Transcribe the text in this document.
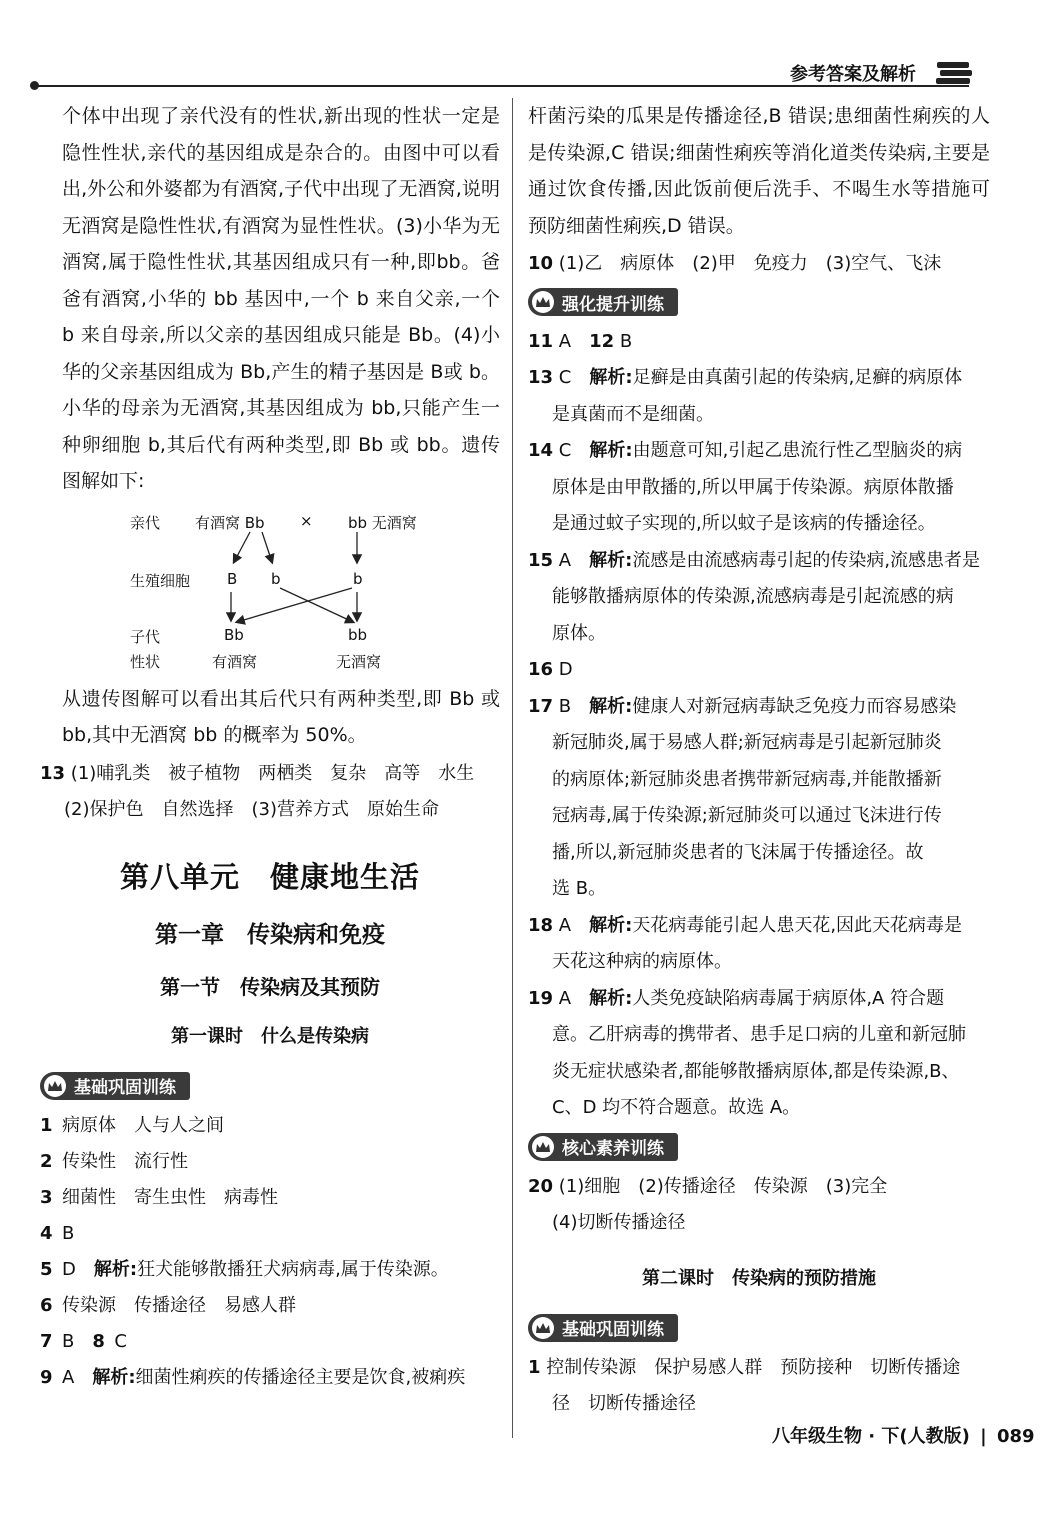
参考答案及解析

个体中出现了亲代没有的性状,新出现的性状一定是隐性性状,亲代的基因组成是杂合的。由图中可以看出,外公和外婆都为有酒窝,子代中出现了无酒窝,说明无酒窝是隐性性状,有酒窝为显性性状。(3)小华为无酒窝,属于隐性性状,其基因组成只有一种,即bb。爸爸有酒窝,小华的 bb 基因中,一个 b 来自父亲,一个 b 来自母亲,所以父亲的基因组成只能是 Bb。(4)小华的父亲基因组成为 Bb,产生的精子基因是 B或 b。小华的母亲为无酒窝,其基因组成为 bb,只能产生一种卵细胞 b,其后代有两种类型,即 Bb 或 bb。遗传图解如下:

亲代 有酒窝 Bb × bb 无酒窝
生殖细胞 B b	b
子代	Bb	bb
性状	有酒窝	无酒窝

从遗传图解可以看出其后代只有两种类型,即 Bb 或bb,其中无酒窝 bb 的概率为 50%。

13 (1)哺乳类　被子植物　两栖类　复杂　高等　水生
(2)保护色　自然选择　(3)营养方式　原始生命
第八单元　健康地生活
第一章　传染病和免疫
第一节　传染病及其预防
第一课时　什么是传染病
基础巩固训练
1 病原体　人与人之间
2 传染性　流行性
3 细菌性　寄生虫性　病毒性
4 B
5 D 解析:狂犬能够散播狂犬病病毒,属于传染源。
6 传染源　传播途径　易感人群
7 B 8 C
9 A 解析:细菌性痢疾的传播途径主要是饮食,被痢疾

杆菌污染的瓜果是传播途径,B 错误;患细菌性痢疾的人是传染源,C 错误;细菌性痢疾等消化道类传染病,主要是通过饮食传播,因此饭前便后洗手、不喝生水等措施可预防细菌性痢疾,D 错误。

10 (1)乙　病原体　(2)甲　免疫力　(3)空气、飞沫
强化提升训练
11 A 12 B
13 C 解析:足癣是由真菌引起的传染病,足癣的病原体
是真菌而不是细菌。
14 C 解析:由题意可知,引起乙患流行性乙型脑炎的病
原体是由甲散播的,所以甲属于传染源。病原体散播
是通过蚊子实现的,所以蚊子是该病的传播途径。
15 A 解析:流感是由流感病毒引起的传染病,流感患者是
能够散播病原体的传染源,流感病毒是引起流感的病
原体。
16 D
17 B 解析:健康人对新冠病毒缺乏免疫力而容易感染
新冠肺炎,属于易感人群;新冠病毒是引起新冠肺炎
的病原体;新冠肺炎患者携带新冠病毒,并能散播新
冠病毒,属于传染源;新冠肺炎可以通过飞沫进行传
播,所以,新冠肺炎患者的飞沫属于传播途径。故
选 B。
18 A 解析:天花病毒能引起人患天花,因此天花病毒是
天花这种病的病原体。
19 A 解析:人类免疫缺陷病毒属于病原体,A 符合题
意。乙肝病毒的携带者、患手足口病的儿童和新冠肺
炎无症状感染者,都能够散播病原体,都是传染源,B、
C、D 均不符合题意。故选 A。
核心素养训练
20 (1)细胞　(2)传播途径　传染源　(3)完全
(4)切断传播途径
第二课时　传染病的预防措施
基础巩固训练
1 控制传染源　保护易感人群　预防接种　切断传播途
径　切断传播途径
八年级生物 · 下(人教版) | 089
